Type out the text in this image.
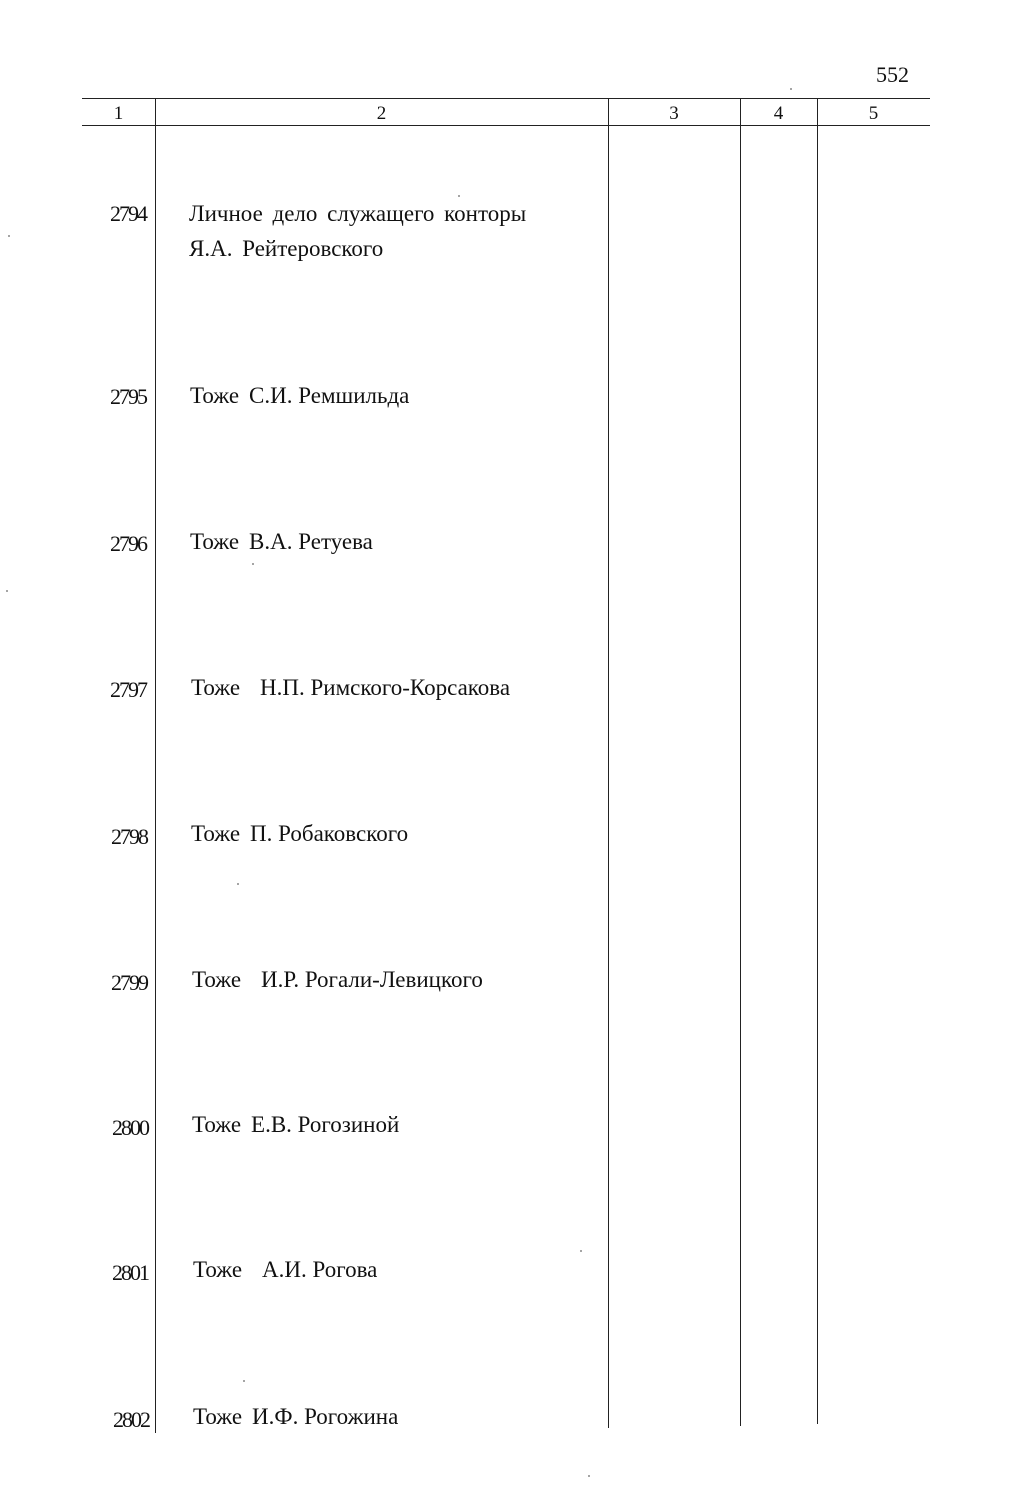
552
1	2	3	4	5
2794 Личное дело служащего конторы
Я.А. Рейтеровского
2795 Тоже С.И. Ремшильда
2796 Тоже В.А. Ретуева
2797 Тоже Н.П. Римского-Корсакова
2798 Тоже П. Робаковского
2799 Тоже И.Р. Рогали-Левицкого
2800 Тоже Е.В. Рогозиной
2801 Тоже А.И. Рогова
2802 Тоже И.Ф. Рогожина
